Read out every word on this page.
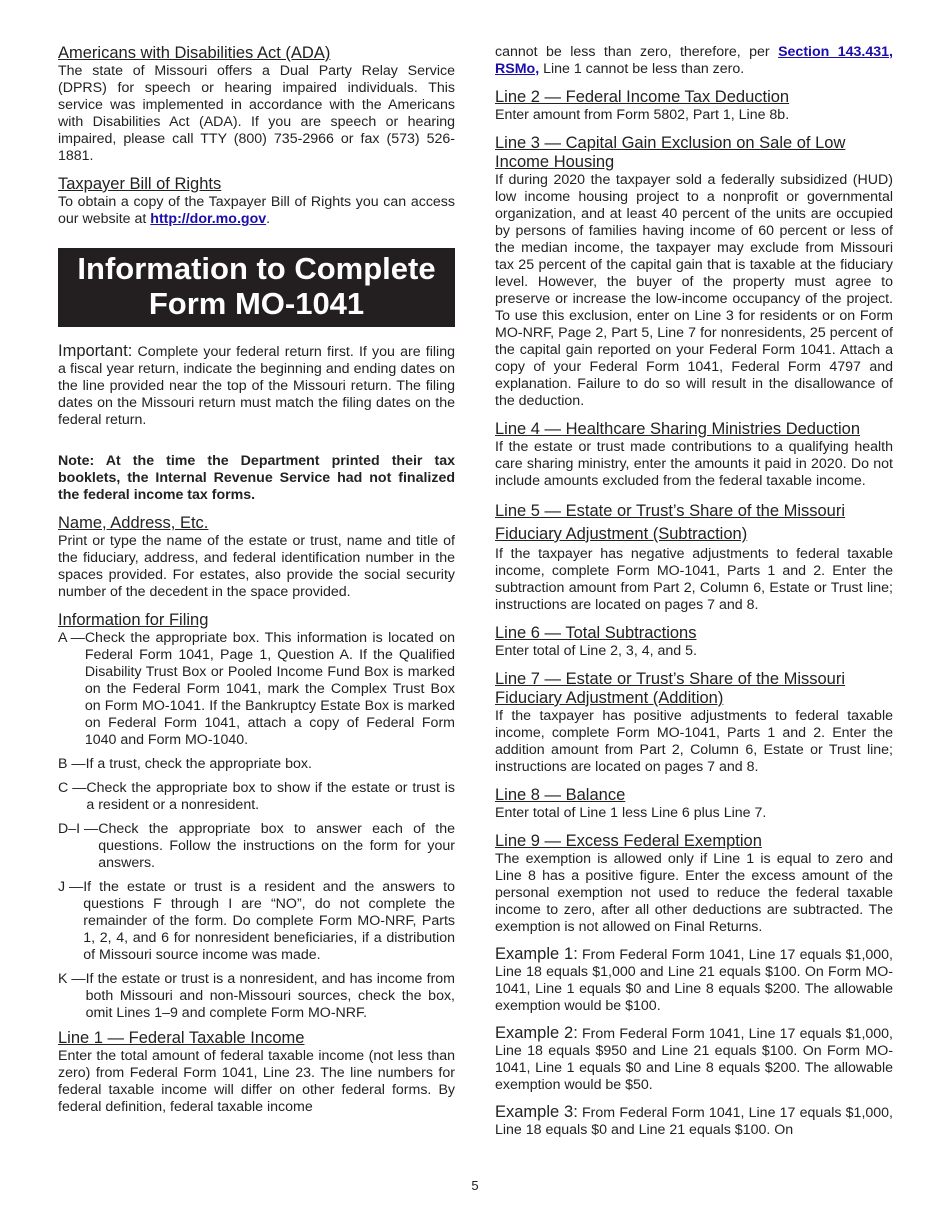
Americans with Disabilities Act (ADA)

The state of Missouri offers a Dual Party Relay Service (DPRS) for speech or hearing impaired individuals. This service was implemented in accordance with the Americans with Disabilities Act (ADA). If you are speech or hearing impaired, please call TTY (800) 735-2966 or fax (573) 526-1881.

Taxpayer Bill of Rights

To obtain a copy of the Taxpayer Bill of Rights you can access our website at http://dor.mo.gov.

Information to Complete
Form MO-1041

Important: Complete your federal return first. If you are filing a fiscal year return, indicate the beginning and ending dates on the line provided near the top of the Missouri return. The filing dates on the Missouri return must match the filing dates on the federal return.

Note: At the time the Department printed their tax booklets, the Internal Revenue Service had not finalized the federal income tax forms.

Name, Address, Etc.

Print or type the name of the estate or trust, name and title of the fiduciary, address, and federal identification number in the spaces provided. For estates, also provide the social security number of the decedent in the space provided.

Information for Filing
A — Check the appropriate box. This information is located on Federal Form 1041, Page 1, Question A. If the Qualified Disability Trust Box or Pooled Income Fund Box is marked on the Federal Form 1041, mark the Complex Trust Box on Form MO-1041. If the Bankruptcy Estate Box is marked on Federal Form 1041, attach a copy of Federal Form 1040 and Form MO-1040.
B — If a trust, check the appropriate box.
C — Check the appropriate box to show if the estate or trust is a resident or a nonresident.
D–I — Check the appropriate box to answer each of the questions. Follow the instructions on the form for your answers.
J — If the estate or trust is a resident and the answers to questions F through I are “NO”, do not complete the remainder of the form. Do complete Form MO-NRF, Parts 1, 2, 4, and 6 for nonresident beneficiaries, if a distribution of Missouri source income was made.
K — If the estate or trust is a nonresident, and has income from both Missouri and non-Missouri sources, check the box, omit Lines 1–9 and complete Form MO-NRF.
Line 1 — Federal Taxable Income

Enter the total amount of federal taxable income (not less than zero) from Federal Form 1041, Line 23. The line numbers for federal taxable income will differ on other federal forms. By federal definition, federal taxable income

cannot be less than zero, therefore, per Section 143.431, RSMo, Line 1 cannot be less than zero.

Line 2 — Federal Income Tax Deduction

Enter amount from Form 5802, Part 1, Line 8b.

Line 3 — Capital Gain Exclusion on Sale of Low Income Housing

If during 2020 the taxpayer sold a federally subsidized (HUD) low income housing project to a nonprofit or governmental organization, and at least 40 percent of the units are occupied by persons of families having income of 60 percent or less of the median income, the taxpayer may exclude from Missouri tax 25 percent of the capital gain that is taxable at the fiduciary level. However, the buyer of the property must agree to preserve or increase the low-income occupancy of the project. To use this exclusion, enter on Line 3 for residents or on Form MO-NRF, Page 2, Part 5, Line 7 for nonresidents, 25 percent of the capital gain reported on your Federal Form 1041. Attach a copy of your Federal Form 1041, Federal Form 4797 and explanation. Failure to do so will result in the disallowance of the deduction.

Line 4 — Healthcare Sharing Ministries Deduction

If the estate or trust made contributions to a qualifying health care sharing ministry, enter the amounts it paid in 2020. Do not include amounts excluded from the federal taxable income.

Line 5 — Estate or Trust’s Share of the Missouri Fiduciary Adjustment (Subtraction)

If the taxpayer has negative adjustments to federal taxable income, complete Form MO-1041, Parts 1 and 2. Enter the subtraction amount from Part 2, Column 6, Estate or Trust line; instructions are located on pages 7 and 8.

Line 6 — Total Subtractions

Enter total of Line 2, 3, 4, and 5.

Line 7 — Estate or Trust’s Share of the Missouri Fiduciary Adjustment (Addition)

If the taxpayer has positive adjustments to federal taxable income, complete Form MO-1041, Parts 1 and 2. Enter the addition amount from Part 2, Column 6, Estate or Trust line; instructions are located on pages 7 and 8.

Line 8 — Balance

Enter total of Line 1 less Line 6 plus Line 7.

Line 9 — Excess Federal Exemption

The exemption is allowed only if Line 1 is equal to zero and Line 8 has a positive figure. Enter the excess amount of the personal exemption not used to reduce the federal taxable income to zero, after all other deductions are subtracted. The exemption is not allowed on Final Returns.

Example 1: From Federal Form 1041, Line 17 equals $1,000, Line 18 equals $1,000 and Line 21 equals $100. On Form MO-1041, Line 1 equals $0 and Line 8 equals $200. The allowable exemption would be $100.

Example 2: From Federal Form 1041, Line 17 equals $1,000, Line 18 equals $950 and Line 21 equals $100. On Form MO-1041, Line 1 equals $0 and Line 8 equals $200. The allowable exemption would be $50.

Example 3: From Federal Form 1041, Line 17 equals $1,000, Line 18 equals $0 and Line 21 equals $100. On

5
